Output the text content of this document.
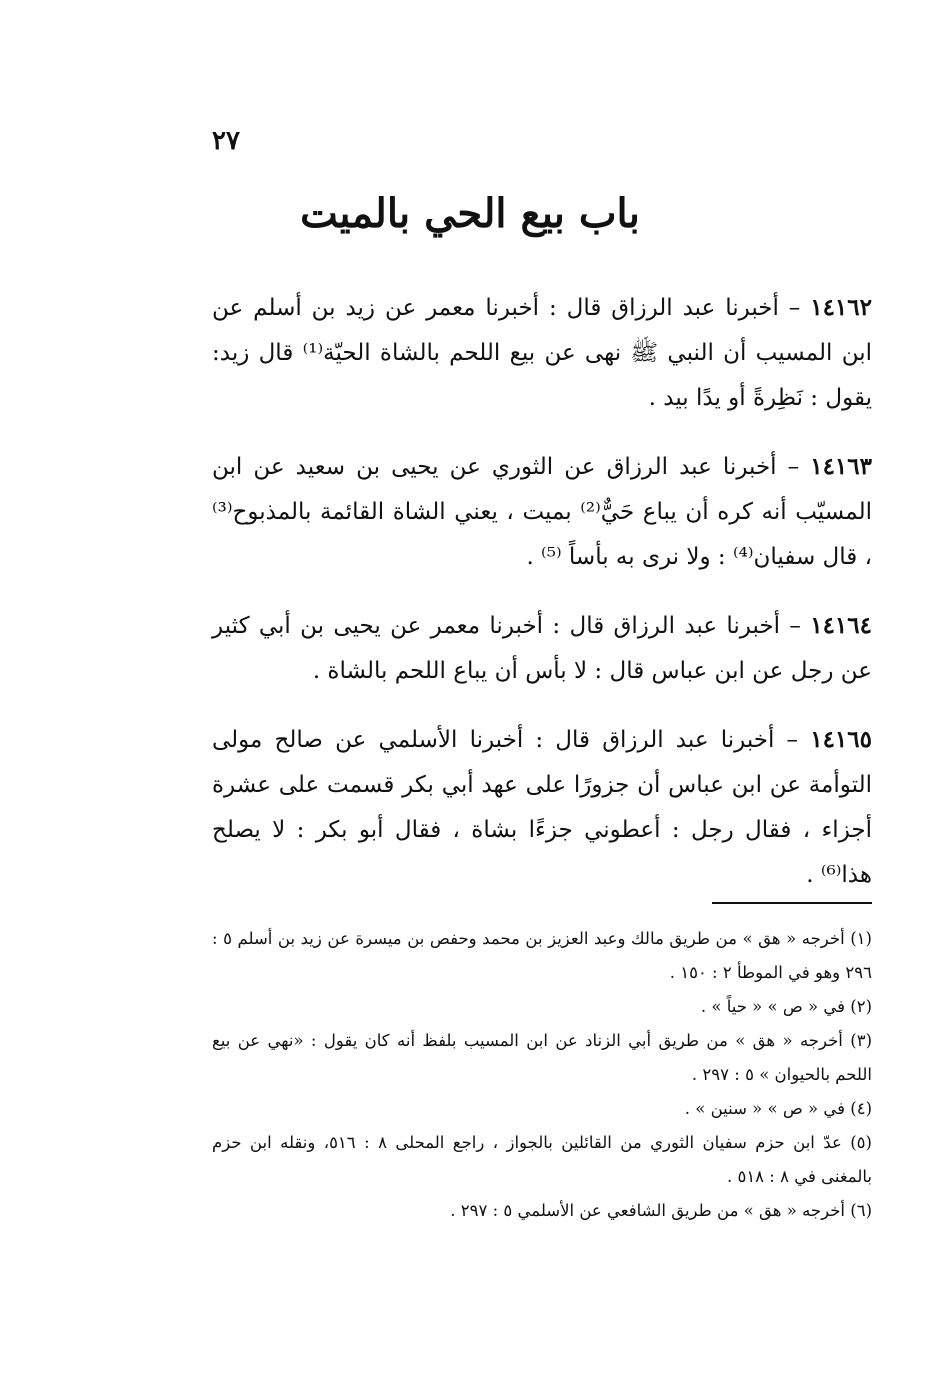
٢٧
باب بيع الحي بالميت

١٤١٦٢ – أخبرنا عبد الرزاق قال : أخبرنا معمر عن زيد بن أسلم عن ابن المسيب أن النبي ﷺ نهى عن بيع اللحم بالشاة الحيّة⁽¹⁾ قال زيد: يقول : نَظِرةً أو يدًا بيد .

١٤١٦٣ – أخبرنا عبد الرزاق عن الثوري عن يحيى بن سعيد عن ابن المسيّب أنه كره أن يباع حَيٌّ⁽²⁾ بميت ، يعني الشاة القائمة بالمذبوح⁽³⁾ ، قال سفيان⁽⁴⁾ : ولا نرى به بأساً ⁽⁵⁾ .

١٤١٦٤ – أخبرنا عبد الرزاق قال : أخبرنا معمر عن يحيى بن أبي كثير عن رجل عن ابن عباس قال : لا بأس أن يباع اللحم بالشاة .

١٤١٦٥ – أخبرنا عبد الرزاق قال : أخبرنا الأسلمي عن صالح مولى التوأمة عن ابن عباس أن جزورًا على عهد أبي بكر قسمت على عشرة أجزاء ، فقال رجل : أعطوني جزءًا بشاة ، فقال أبو بكر : لا يصلح هذا⁽⁶⁾ .

(١) أخرجه « هق » من طريق مالك وعبد العزيز بن محمد وحفص بن ميسرة عن زيد بن أسلم ٥ : ٢٩٦ وهو في الموطأ ٢ : ١٥٠ .

(٢) في « ص » « حياً » .

(٣) أخرجه « هق » من طريق أبي الزناد عن ابن المسيب بلفظ أنه كان يقول : «نهي عن بيع اللحم بالحيوان » ٥ : ٢٩٧ .

(٤) في « ص » « سنين » .

(٥) عدّ ابن حزم سفيان الثوري من القائلين بالجواز ، راجع المحلى ٨ : ٥١٦، ونقله ابن حزم بالمغنى في ٨ : ٥١٨ .

(٦) أخرجه « هق » من طريق الشافعي عن الأسلمي ٥ : ٢٩٧ .
